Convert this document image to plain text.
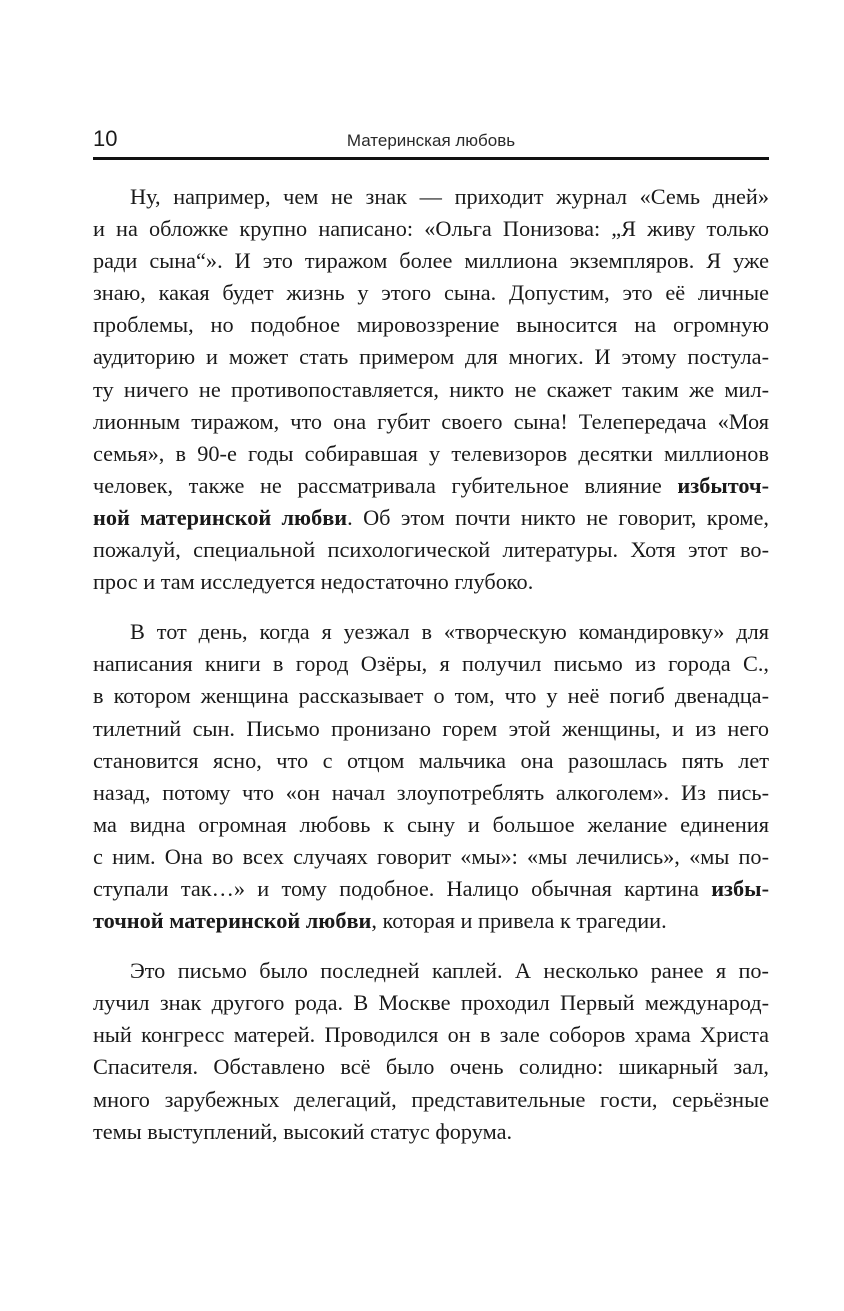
10	Материнская любовь

Ну, например, чем не знак — приходит журнал «Семь дней»
и на обложке крупно написано: «Ольга Понизова: „Я живу только
ради сына“». И это тиражом более миллиона экземпляров. Я уже
знаю, какая будет жизнь у этого сына. Допустим, это её личные
проблемы, но подобное мировоззрение выносится на огромную
аудиторию и может стать примером для многих. И этому постула-
ту ничего не противопоставляется, никто не скажет таким же мил-
лионным тиражом, что она губит своего сына! Телепередача «Моя
семья», в 90-е годы собиравшая у телевизоров десятки миллионов
человек, также не рассматривала губительное влияние избыточ-
ной материнской любви. Об этом почти никто не говорит, кроме,
пожалуй, специальной психологической литературы. Хотя этот во-
прос и там исследуется недостаточно глубоко.

В тот день, когда я уезжал в «творческую командировку» для
написания книги в город Озёры, я получил письмо из города С.,
в котором женщина рассказывает о том, что у неё погиб двенадца-
тилетний сын. Письмо пронизано горем этой женщины, и из него
становится ясно, что с отцом мальчика она разошлась пять лет
назад, потому что «он начал злоупотреблять алкоголем». Из пись-
ма видна огромная любовь к сыну и большое желание единения
с ним. Она во всех случаях говорит «мы»: «мы лечились», «мы по-
ступали так…» и тому подобное. Налицо обычная картина избы-
точной материнской любви, которая и привела к трагедии.

Это письмо было последней каплей. А несколько ранее я по-
лучил знак другого рода. В Москве проходил Первый международ-
ный конгресс матерей. Проводился он в зале соборов храма Христа
Спасителя. Обставлено всё было очень солидно: шикарный зал,
много зарубежных делегаций, представительные гости, серьёзные
темы выступлений, высокий статус форума.
